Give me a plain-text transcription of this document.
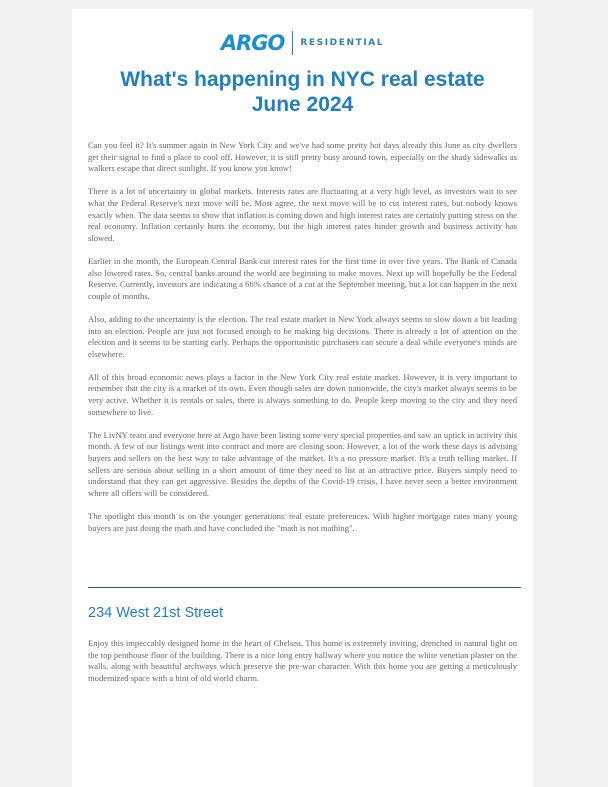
ARGO RESIDENTIAL
What's happening in NYC real estate
June 2024

Can you feel it? It's summer again in New York City and we've had some pretty hot days already this June as city dwellers get their signal to find a place to cool off. However, it is still pretty busy around town, especially on the shady sidewalks as walkers escape that direct sunlight. If you know you know!

There is a lot of uncertainty in global markets. Interests rates are fluctuating at a very high level, as investors wait to see what the Federal Reserve's next move will be. Most agree, the next move will be to cut interest rates, but nobody knows exactly when. The data seems to show that inflation is coming down and high interest rates are certainly putting stress on the real economy. Inflation certainly hurts the economy, but the high interest rates hinder growth and business activity has slowed.

Earlier in the month, the European Central Bank cut interest rates for the first time in over five years. The Bank of Canada also lowered rates. So, central banks around the world are beginning to make moves. Next up will hopefully be the Federal Reserve. Currently, investors are indicating a 66% chance of a cut at the September meeting, but a lot can happen in the next couple of months.

Also, adding to the uncertainty is the election. The real estate market in New York always seems to slow down a bit leading into an election. People are just not focused enough to be making big decisions. There is already a lot of attention on the election and it seems to be starting early. Perhaps the opportunistic purchasers can secure a deal while everyone's minds are elsewhere.

All of this broad economic news plays a factor in the New York City real estate market. However, it is very important to remember that the city is a market of its own. Even though sales are down nationwide, the city's market always seems to be very active. Whether it is rentals or sales, there is always something to do. People keep moving to the city and they need somewhere to live.

The LivNY team and everyone here at Argo have been listing some very special properties and saw an uptick in activity this month. A few of our listings went into contract and more are closing soon. However, a lot of the work these days is advising buyers and sellers on the best way to take advantage of the market. It's a no pressure market. It's a truth telling market. If sellers are serious about selling in a short amount of time they need to list at an attractive price. Buyers simply need to understand that they can get aggressive. Besides the depths of the Covid-19 crisis, I have never seen a better environment where all offers will be considered.

The spotlight this month is on the younger generations' real estate preferences. With higher mortgage rates many young buyers are just doing the math and have concluded the "math is not mathing".

234 West 21st Street

Enjoy this impeccably designed home in the heart of Chelsea. This home is extremely inviting, drenched in natural light on the top penthouse floor of the building. There is a nice long entry hallway where you notice the white venetian plaster on the walls, along with beautiful archways which preserve the pre-war character. With this home you are getting a meticulously modernized space with a hint of old world charm.
